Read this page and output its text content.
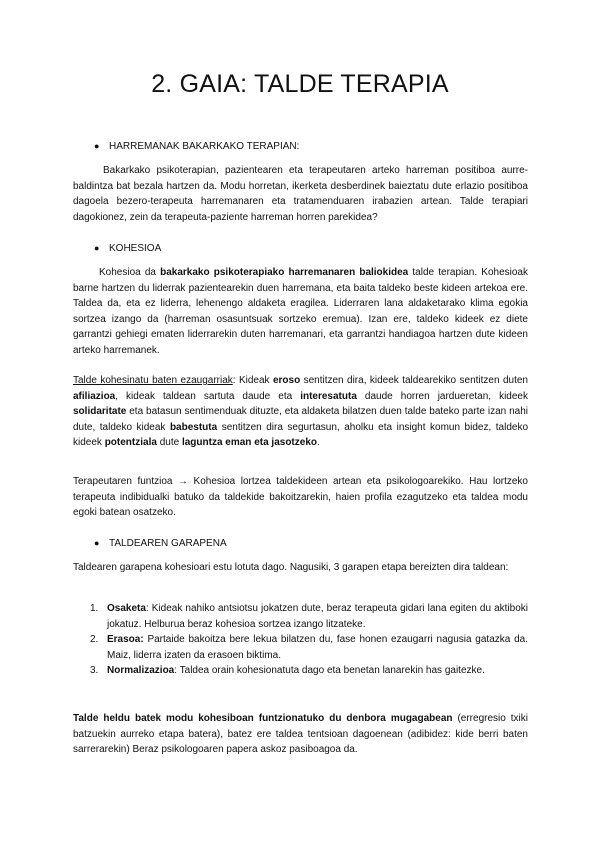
2. GAIA: TALDE TERAPIA
● HARREMANAK BAKARKAKO TERAPIAN:

Bakarkako psikoterapian, pazientearen eta terapeutaren arteko harreman positiboa aurre-baldintza bat bezala hartzen da. Modu horretan, ikerketa desberdinek baieztatu dute erlazio positiboa dagoela bezero-terapeuta harremanaren eta tratamenduaren irabazien artean. Talde terapiari dagokionez, zein da terapeuta-paziente harreman horren parekidea?

● KOHESIOA

Kohesioa da bakarkako psikoterapiako harremanaren baliokidea talde terapian. Kohesioak barne hartzen du liderrak pazientearekin duen harremana, eta baita taldeko beste kideen artekoa ere. Taldea da, eta ez liderra, lehenengo aldaketa eragilea. Liderraren lana aldaketarako klima egokia sortzea izango da (harreman osasuntsuak sortzeko eremua). Izan ere, taldeko kideek ez diete garrantzi gehiegi ematen liderrarekin duten harremanari, eta garrantzi handiagoa hartzen dute kideen arteko harremanek.

Talde kohesinatu baten ezaugarriak: Kideak eroso sentitzen dira, kideek taldearekiko sentitzen duten afiliazioa, kideak taldean sartuta daude eta interesatuta daude horren jardueretan, kideek solidaritate eta batasun sentimenduak dituzte, eta aldaketa bilatzen duen talde bateko parte izan nahi dute, taldeko kideak babestuta sentitzen dira segurtasun, aholku eta insight komun bidez, taldeko kideek potentziala dute laguntza eman eta jasotzeko.

Terapeutaren funtzioa → Kohesioa lortzea taldekideen artean eta psikologoarekiko. Hau lortzeko terapeuta indibidualki batuko da taldekide bakoitzarekin, haien profila ezagutzeko eta taldea modu egoki batean osatzeko.

● TALDEAREN GARAPENA

Taldearen garapena kohesioari estu lotuta dago. Nagusiki, 3 garapen etapa bereizten dira taldean:

1. Osaketa: Kideak nahiko antsiotsu jokatzen dute, beraz terapeuta gidari lana egiten du aktiboki jokatuz. Helburua beraz kohesioa sortzea izango litzateke.
2. Erasoa: Partaide bakoitza bere lekua bilatzen du, fase honen ezaugarri nagusia gatazka da. Maiz, liderra izaten da erasoen biktima.
3. Normalizazioa: Taldea orain kohesionatuta dago eta benetan lanarekin has gaitezke.

Talde heldu batek modu kohesiboan funtzionatuko du denbora mugagabean (erregresio txiki batzuekin aurreko etapa batera), batez ere taldea tentsioan dagoenean (adibidez: kide berri baten sarrerarekin) Beraz psikologoaren papera askoz pasiboagoa da.
